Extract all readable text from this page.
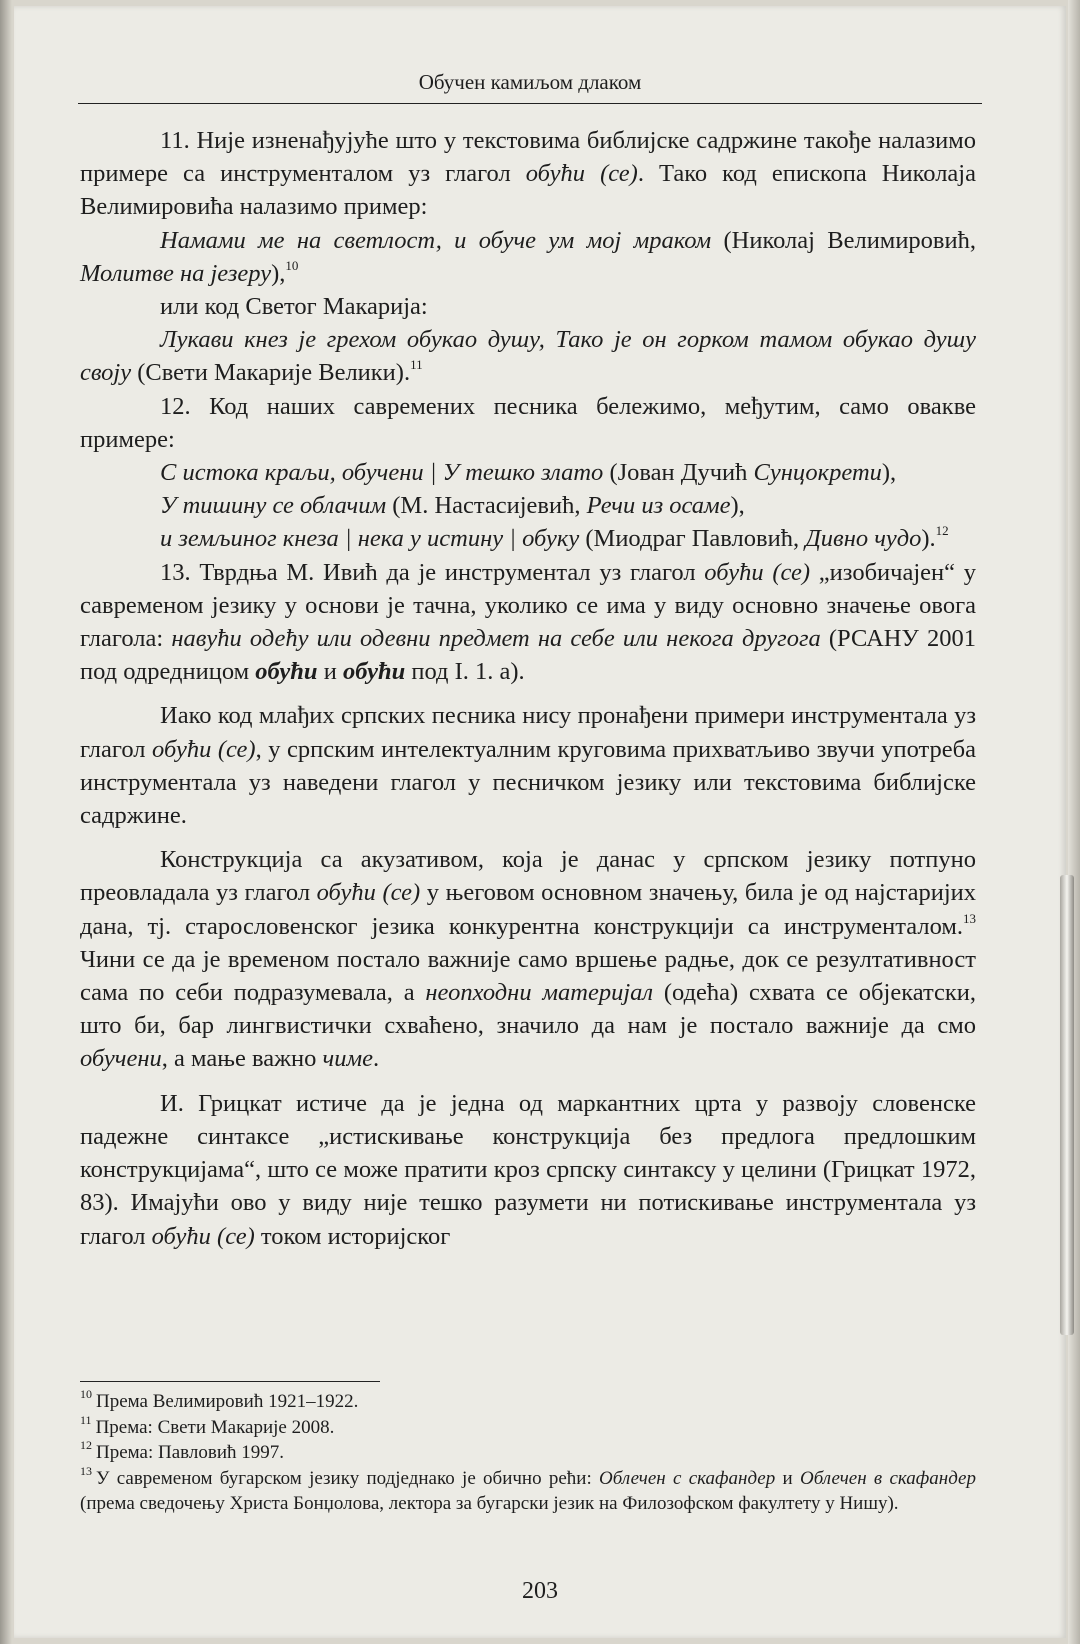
Обучен камиљом длаком

11. Није изненађујуће што у текстовима библијске садржине такође налазимо примере са инструменталом уз глагол обући (се). Тако код епископа Николаја Велимировића налазимо пример:

Намами ме на светлост, и обуче ум мој мраком (Николај Велимировић, Молитве на језеру),$^{10}$

или код Светог Макарија:

Лукави кнез је грехом обукао душу, Тако је он горком тамом обукао душу своју (Свети Макарије Велики).$^{11}$

12. Код наших савремених песника бележимо, међутим, само овакве примере:

С истока краљи, обучени | У тешко злато (Јован Дучић Сунцокрети),

У тишину се облачим (М. Настасијевић, Речи из осаме),

и земљиног кнеза | нека у истину | обуку (Миодраг Павловић, Дивно чудо).$^{12}$

13. Тврдња М. Ивић да је инструментал уз глагол обући (се) „изобичајен“ у савременом језику у основи је тачна, уколико се има у виду основно значење овога глагола: навући одећу или одевни предмет на себе или некога другога (РСАНУ 2001 под одредницом обући и обући под I. 1. а).

Иако код млађих српских песника нису пронађени примери инструментала уз глагол обући (се), у српским интелектуалним круговима прихватљиво звучи употреба инструментала уз наведени глагол у песничком језику или текстовима библијске садржине.

Конструкција са акузативом, која је данас у српском језику потпуно преовладала уз глагол обући (се) у његовом основном значењу, била је од најстаријих дана, тј. старословенског језика конкурентна конструкцији са инструменталом.$^{13}$ Чини се да је временом постало важније само вршење радње, док се резултативност сама по себи подразумевала, а неопходни материјал (одећа) схвата се објекатски, што би, бар лингвистички схваћено, значило да нам је постало важније да смо обучени, а мање важно чиме.

И. Грицкат истиче да је једна од маркантних црта у развоју словенске падежне синтаксе „истискивање конструкција без предлога предлошким конструкцијама“, што се може пратити кроз српску синтаксу у целини (Грицкат 1972, 83). Имајући ово у виду није тешко разумети ни потискивање инструментала уз глагол обући (се) током историјског

$^{10}$ Према Велимировић 1921–1922.

$^{11}$ Према: Свети Макарије 2008.

$^{12}$ Према: Павловић 1997.

$^{13}$ У савременом бугарском језику подједнако је обично рећи: Облечен с скафандер и Облечен в скафандер (према сведочењу Христа Бонџолова, лектора за бугарски језик на Филозофском факултету у Нишу).

203
